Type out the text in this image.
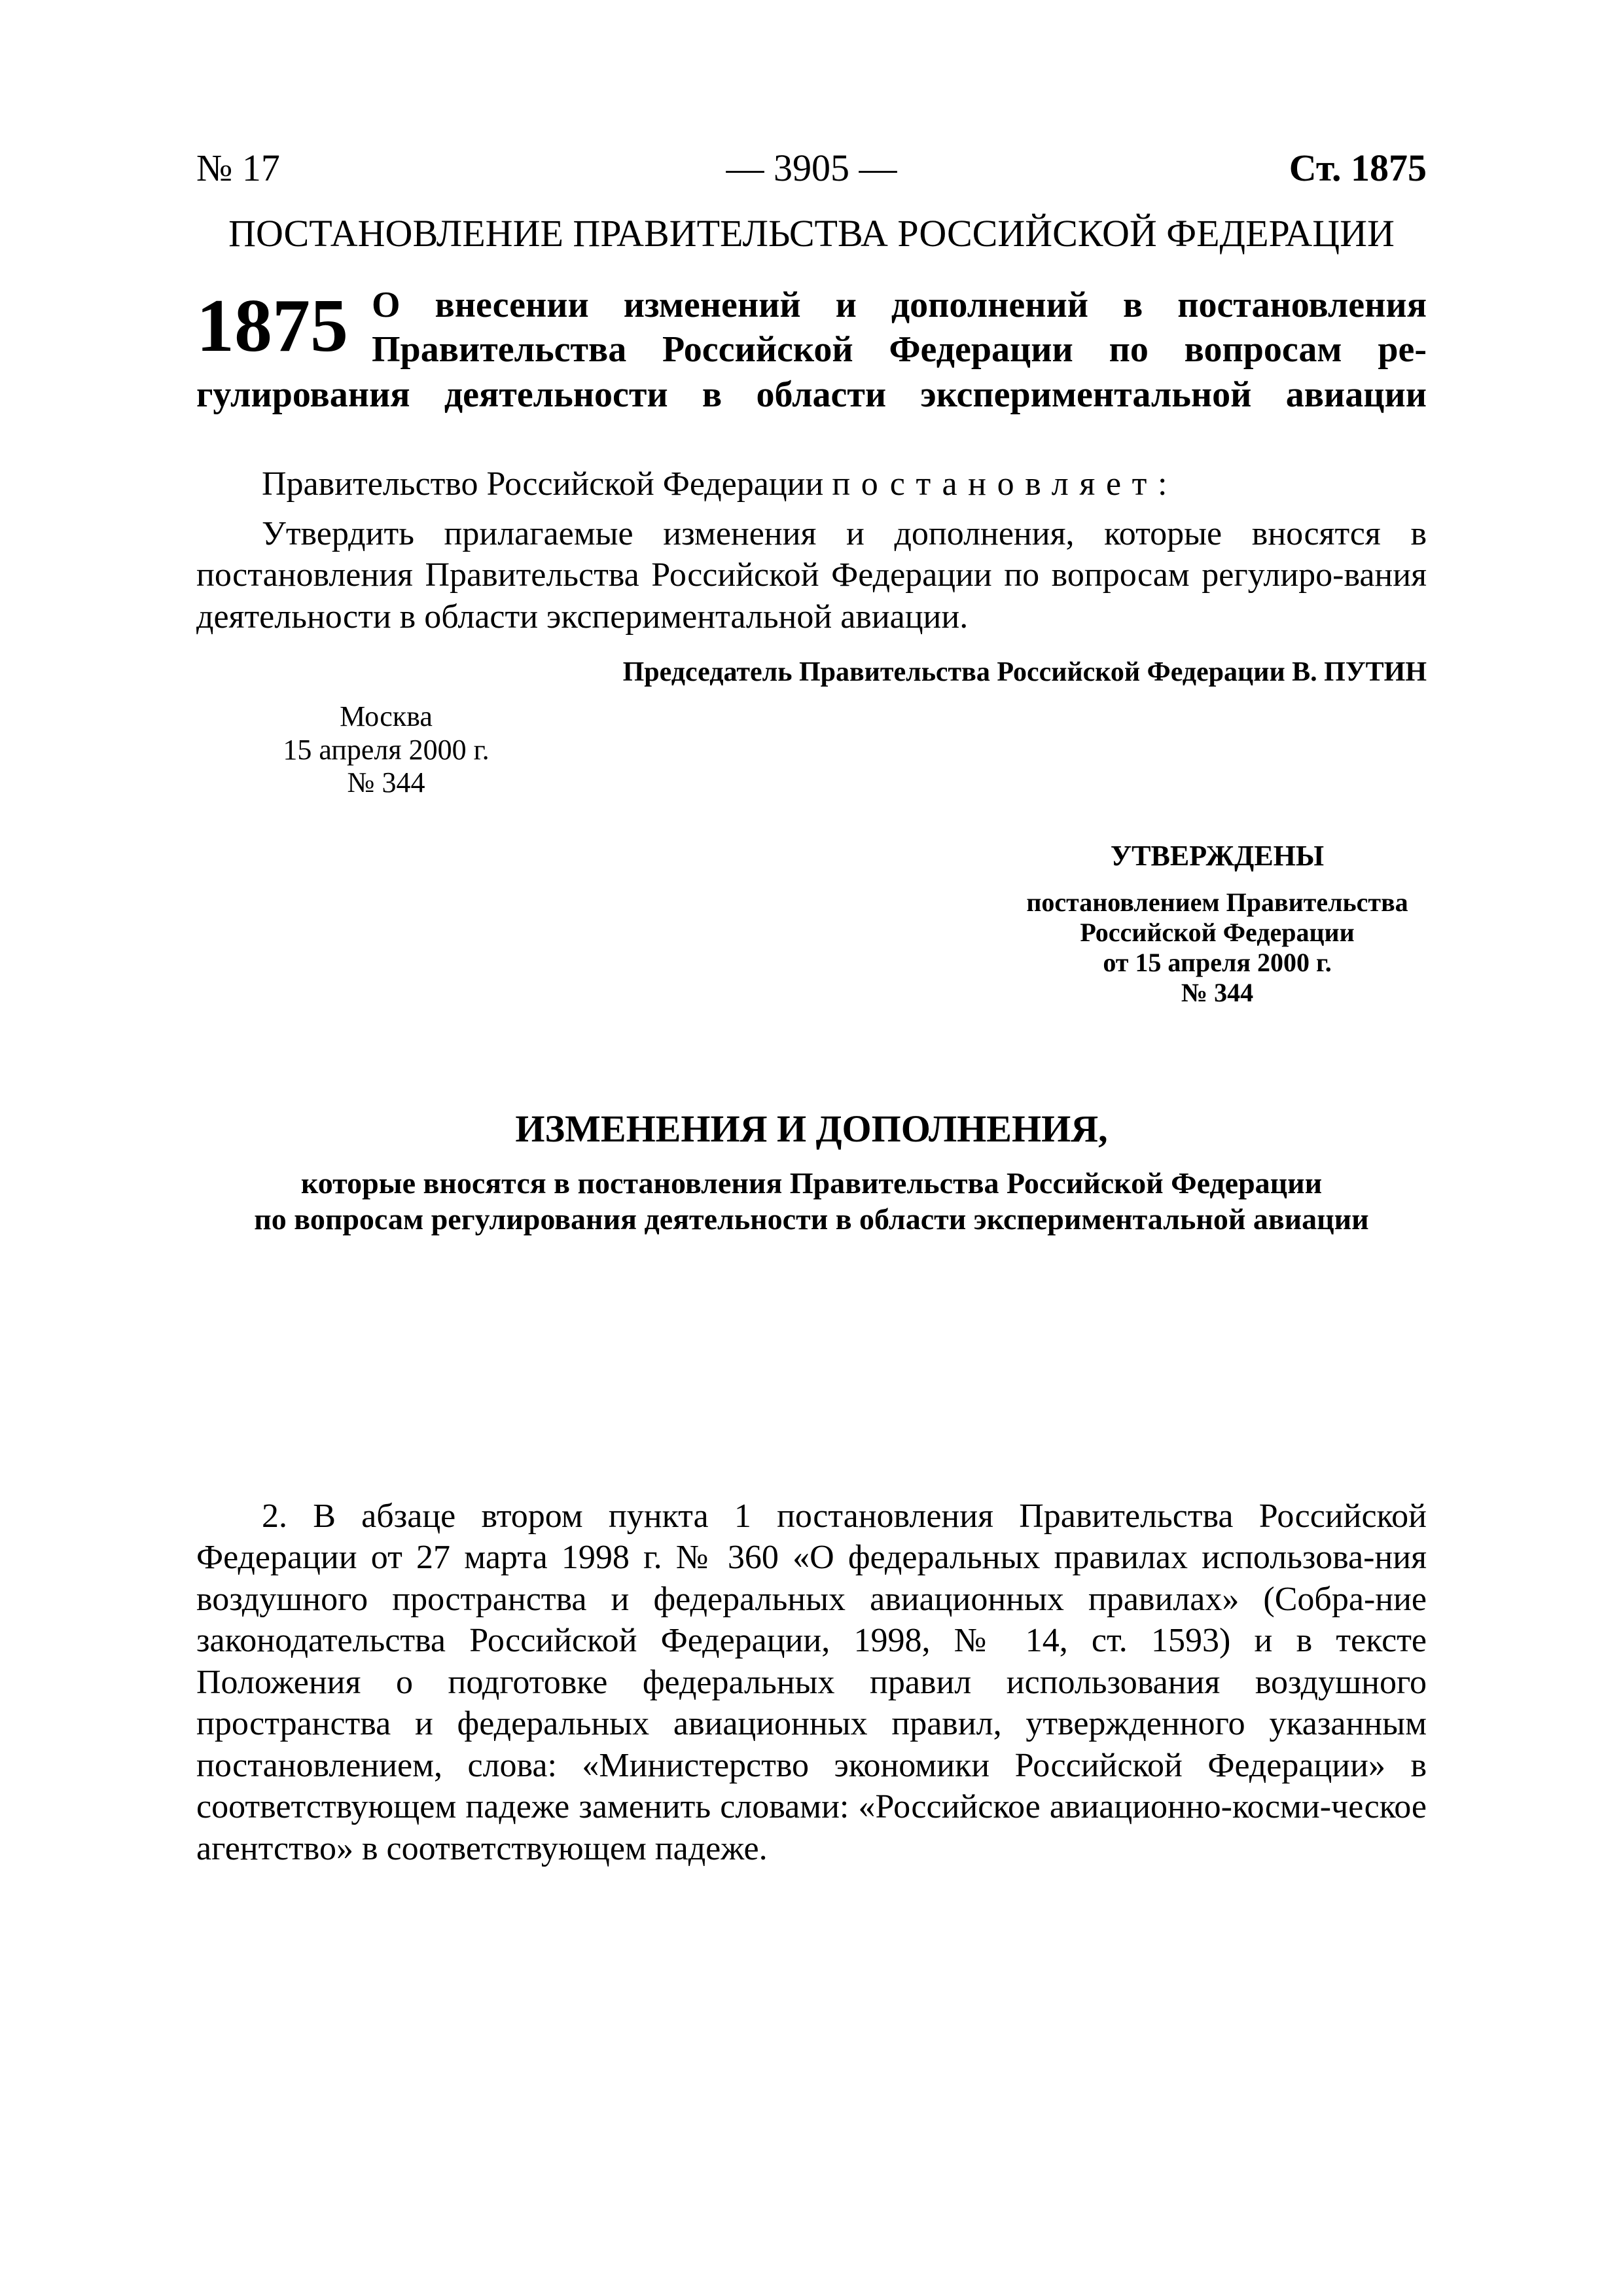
№ 17	— 3905 —	Ст. 1875
ПОСТАНОВЛЕНИЕ ПРАВИТЕЛЬСТВА РОССИЙСКОЙ ФЕДЕРАЦИИ
1875 О внесении изменений и дополнений в постановления Правительства Российской Федерации по вопросам ре-гулирования деятельности в области экспериментальной авиации
Правительство Российской Федерации постановляет:
Утвердить прилагаемые изменения и дополнения, которые вносятся в постановления Правительства Российской Федерации по вопросам регулиро-вания деятельности в области экспериментальной авиации.
Председатель Правительства Российской Федерации В. ПУТИН
Москва
15 апреля 2000 г.
№ 344
УТВЕРЖДЕНЫ
постановлением Правительства
Российской Федерации
от 15 апреля 2000 г.
№ 344
ИЗМЕНЕНИЯ И ДОПОЛНЕНИЯ,
которые вносятся в постановления Правительства Российской Федерации
по вопросам регулирования деятельности в области экспериментальной авиации
2. В абзаце втором пункта 1 постановления Правительства Российской Федерации от 27 марта 1998 г. № 360 «О федеральных правилах использова-ния воздушного пространства и федеральных авиационных правилах» (Собра-ние законодательства Российской Федерации, 1998, № 14, ст. 1593) и в тексте Положения о подготовке федеральных правил использования воздушного пространства и федеральных авиационных правил, утвержденного указанным постановлением, слова: «Министерство экономики Российской Федерации» в соответствующем падеже заменить словами: «Российское авиационно-косми-ческое агентство» в соответствующем падеже.
